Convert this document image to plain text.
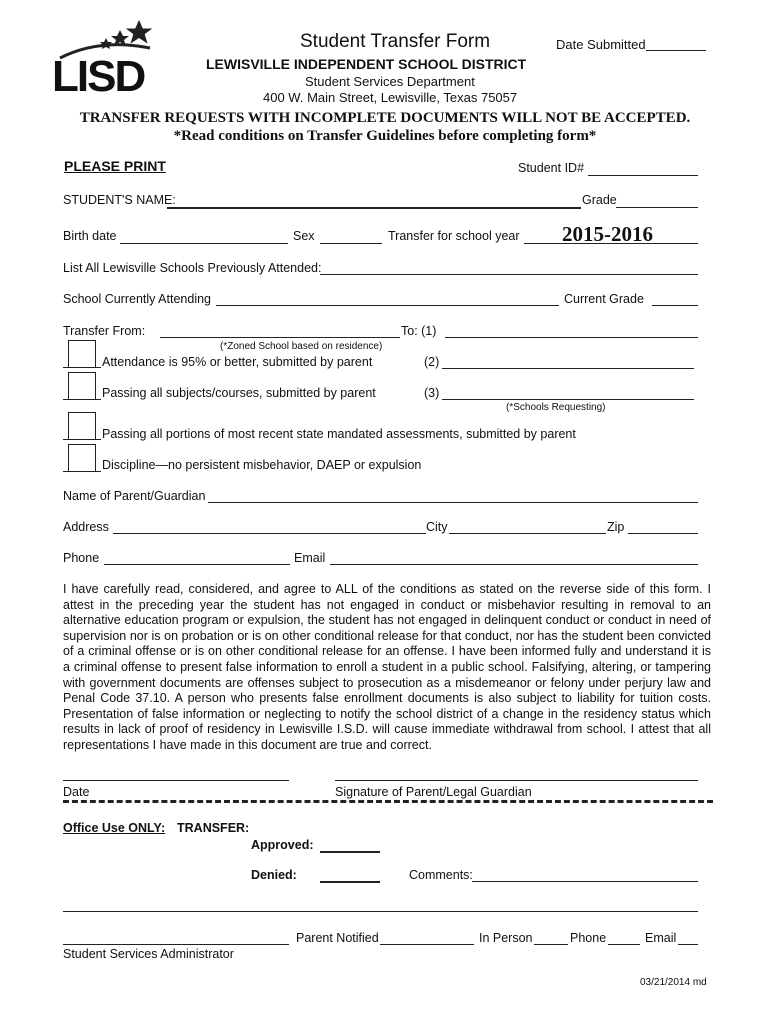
LISD
Student Transfer Form	Date Submitted
LEWISVILLE INDEPENDENT SCHOOL DISTRICT
Student Services Department
400 W. Main Street, Lewisville, Texas 75057
TRANSFER REQUESTS WITH INCOMPLETE DOCUMENTS WILL NOT BE ACCEPTED.
*Read conditions on Transfer Guidelines before completing form*
PLEASE PRINT	Student ID#
STUDENT'S NAME:	Grade
Birth date	Sex	Transfer for school year 2015-2016
List All Lewisville Schools Previously Attended:
School Currently Attending	Current Grade
Transfer From:	To: (1)
(*Zoned School based on residence)
Attendance is 95% or better, submitted by parent	(2)
Passing all subjects/courses, submitted by parent	(3)
(*Schools Requesting)
Passing all portions of most recent state mandated assessments, submitted by parent
Discipline—no persistent misbehavior, DAEP or expulsion
Name of Parent/Guardian
Address	City	Zip
Phone	Email
I have carefully read, considered, and agree to ALL of the conditions as stated on the reverse side of this form. I attest in the preceding year the student has not engaged in conduct or misbehavior resulting in removal to an alternative education program or expulsion, the student has not engaged in delinquent conduct or conduct in need of supervision nor is on probation or is on other conditional release for that conduct, nor has the student been convicted of a criminal offense or is on other conditional release for an offense. I have been informed fully and understand it is a criminal offense to present false information to enroll a student in a public school. Falsifying, altering, or tampering with government documents are offenses subject to prosecution as a misdemeanor or felony under perjury law and Penal Code 37.10. A person who presents false enrollment documents is also subject to liability for tuition costs. Presentation of false information or neglecting to notify the school district of a change in the residency status which results in lack of proof of residency in Lewisville I.S.D. will cause immediate withdrawal from school. I attest that all representations I have made in this document are true and correct.
Date	Signature of Parent/Legal Guardian
Office Use ONLY: TRANSFER:
Approved:
Denied:	Comments:
Student Services Administrator
Parent Notified	In Person	Phone	Email
03/21/2014 md
